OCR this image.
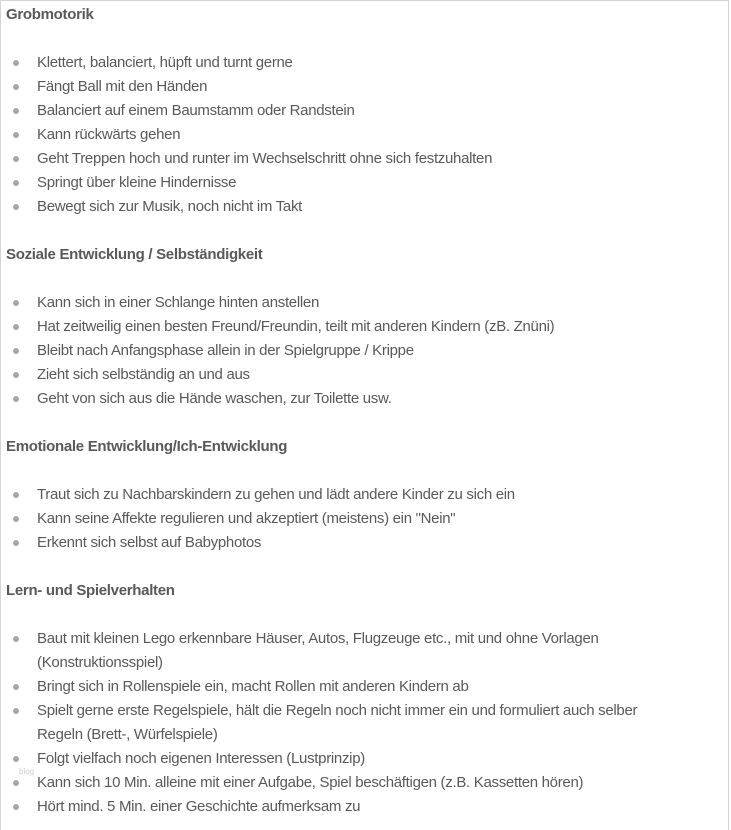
Grobmotorik
Klettert, balanciert, hüpft und turnt gerne
Fängt Ball mit den Händen
Balanciert auf einem Baumstamm oder Randstein
Kann rückwärts gehen
Geht Treppen hoch und runter im Wechselschritt ohne sich festzuhalten
Springt über kleine Hindernisse
Bewegt sich zur Musik, noch nicht im Takt
Soziale Entwicklung / Selbständigkeit
Kann sich in einer Schlange hinten anstellen
Hat zeitweilig einen besten Freund/Freundin, teilt mit anderen Kindern (zB. Znüni)
Bleibt nach Anfangsphase allein in der Spielgruppe / Krippe
Zieht sich selbständig an und aus
Geht von sich aus die Hände waschen, zur Toilette usw.
Emotionale Entwicklung/Ich-Entwicklung
Traut sich zu Nachbarskindern zu gehen und lädt andere Kinder zu sich ein
Kann seine Affekte regulieren und akzeptiert (meistens) ein "Nein"
Erkennt sich selbst auf Babyphotos
Lern- und Spielverhalten
Baut mit kleinen Lego erkennbare Häuser, Autos, Flugzeuge etc., mit und ohne Vorlagen (Konstruktionsspiel)
Bringt sich in Rollenspiele ein, macht Rollen mit anderen Kindern ab
Spielt gerne erste Regelspiele, hält die Regeln noch nicht immer ein und formuliert auch selber Regeln (Brett-, Würfelspiele)
Folgt vielfach noch eigenen Interessen (Lustprinzip)
Kann sich 10 Min. alleine mit einer Aufgabe, Spiel beschäftigen (z.B. Kassetten hören)
Hört mind. 5 Min. einer Geschichte aufmerksam zu
blog
